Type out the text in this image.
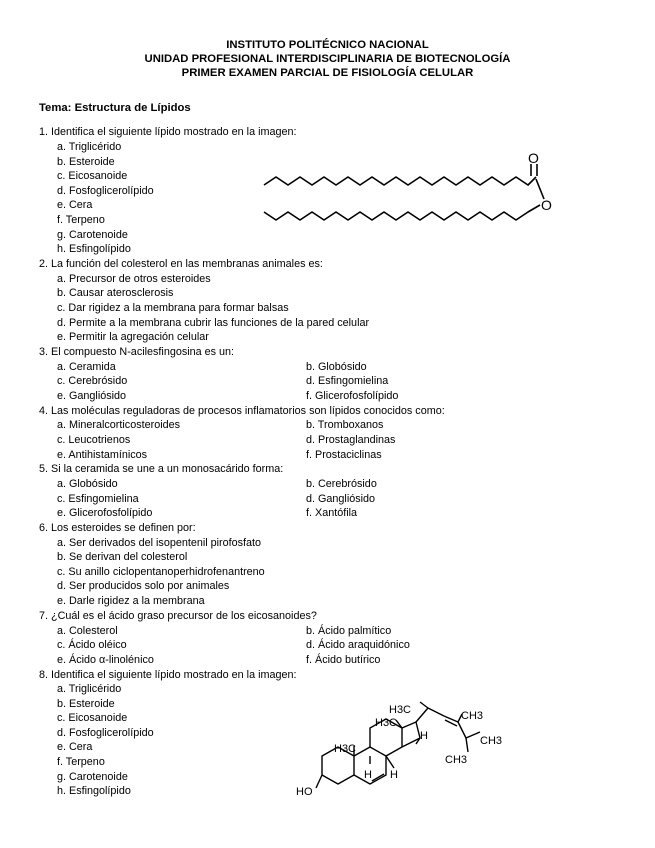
INSTITUTO POLITÉCNICO NACIONAL
UNIDAD PROFESIONAL INTERDISCIPLINARIA DE BIOTECNOLOGÍA
PRIMER EXAMEN PARCIAL DE FISIOLOGÍA CELULAR
Tema: Estructura de Lípidos
1. Identifica el siguiente lípido mostrado en la imagen:
a. Triglicérido
b. Esteroide
c. Eicosanoide
d. Fosfoglicerolípido
e. Cera
f. Terpeno
g. Carotenoide
h. Esfingolípido
O
O
2. La función del colesterol en las membranas animales es:
a. Precursor de otros esteroides
b. Causar aterosclerosis
c. Dar rigidez a la membrana para formar balsas
d. Permite a la membrana cubrir las funciones de la pared celular
e. Permitir la agregación celular
3. El compuesto N-acilesfingosina es un:
a. Ceramida	b. Globósido
c. Cerebrósido	d. Esfingomielina
e. Gangliósido	f. Glicerofosfolípido
4. Las moléculas reguladoras de procesos inflamatorios son lípidos conocidos como:
a. Mineralcorticosteroides	b. Tromboxanos
c. Leucotrienos	d. Prostaglandinas
e. Antihistamínicos	f. Prostaciclinas
5. Si la ceramida se une a un monosacárido forma:
a. Globósido	b. Cerebrósido
c. Esfingomielina	d. Gangliósido
e. Glicerofosfolípido	f. Xantófila
6. Los esteroides se definen por:
a. Ser derivados del isopentenil pirofosfato
b. Se derivan del colesterol
c. Su anillo ciclopentanoperhidrofenantreno
d. Ser producidos solo por animales
e. Darle rigidez a la membrana
7. ¿Cuál es el ácido graso precursor de los eicosanoides?
a. Colesterol	b. Ácido palmítico
c. Ácido oléico	d. Ácido araquidónico
e. Ácido α-linolénico	f. Ácido butírico
8. Identifica el siguiente lípido mostrado en la imagen:
a. Triglicérido
b. Esteroide
c. Eicosanoide
d. Fosfoglicerolípido
e. Cera
f. Terpeno
g. Carotenoide
h. Esfingolípido
H3C	CH3
H3C
H	CH3
H3C
CH3
H H
HO
